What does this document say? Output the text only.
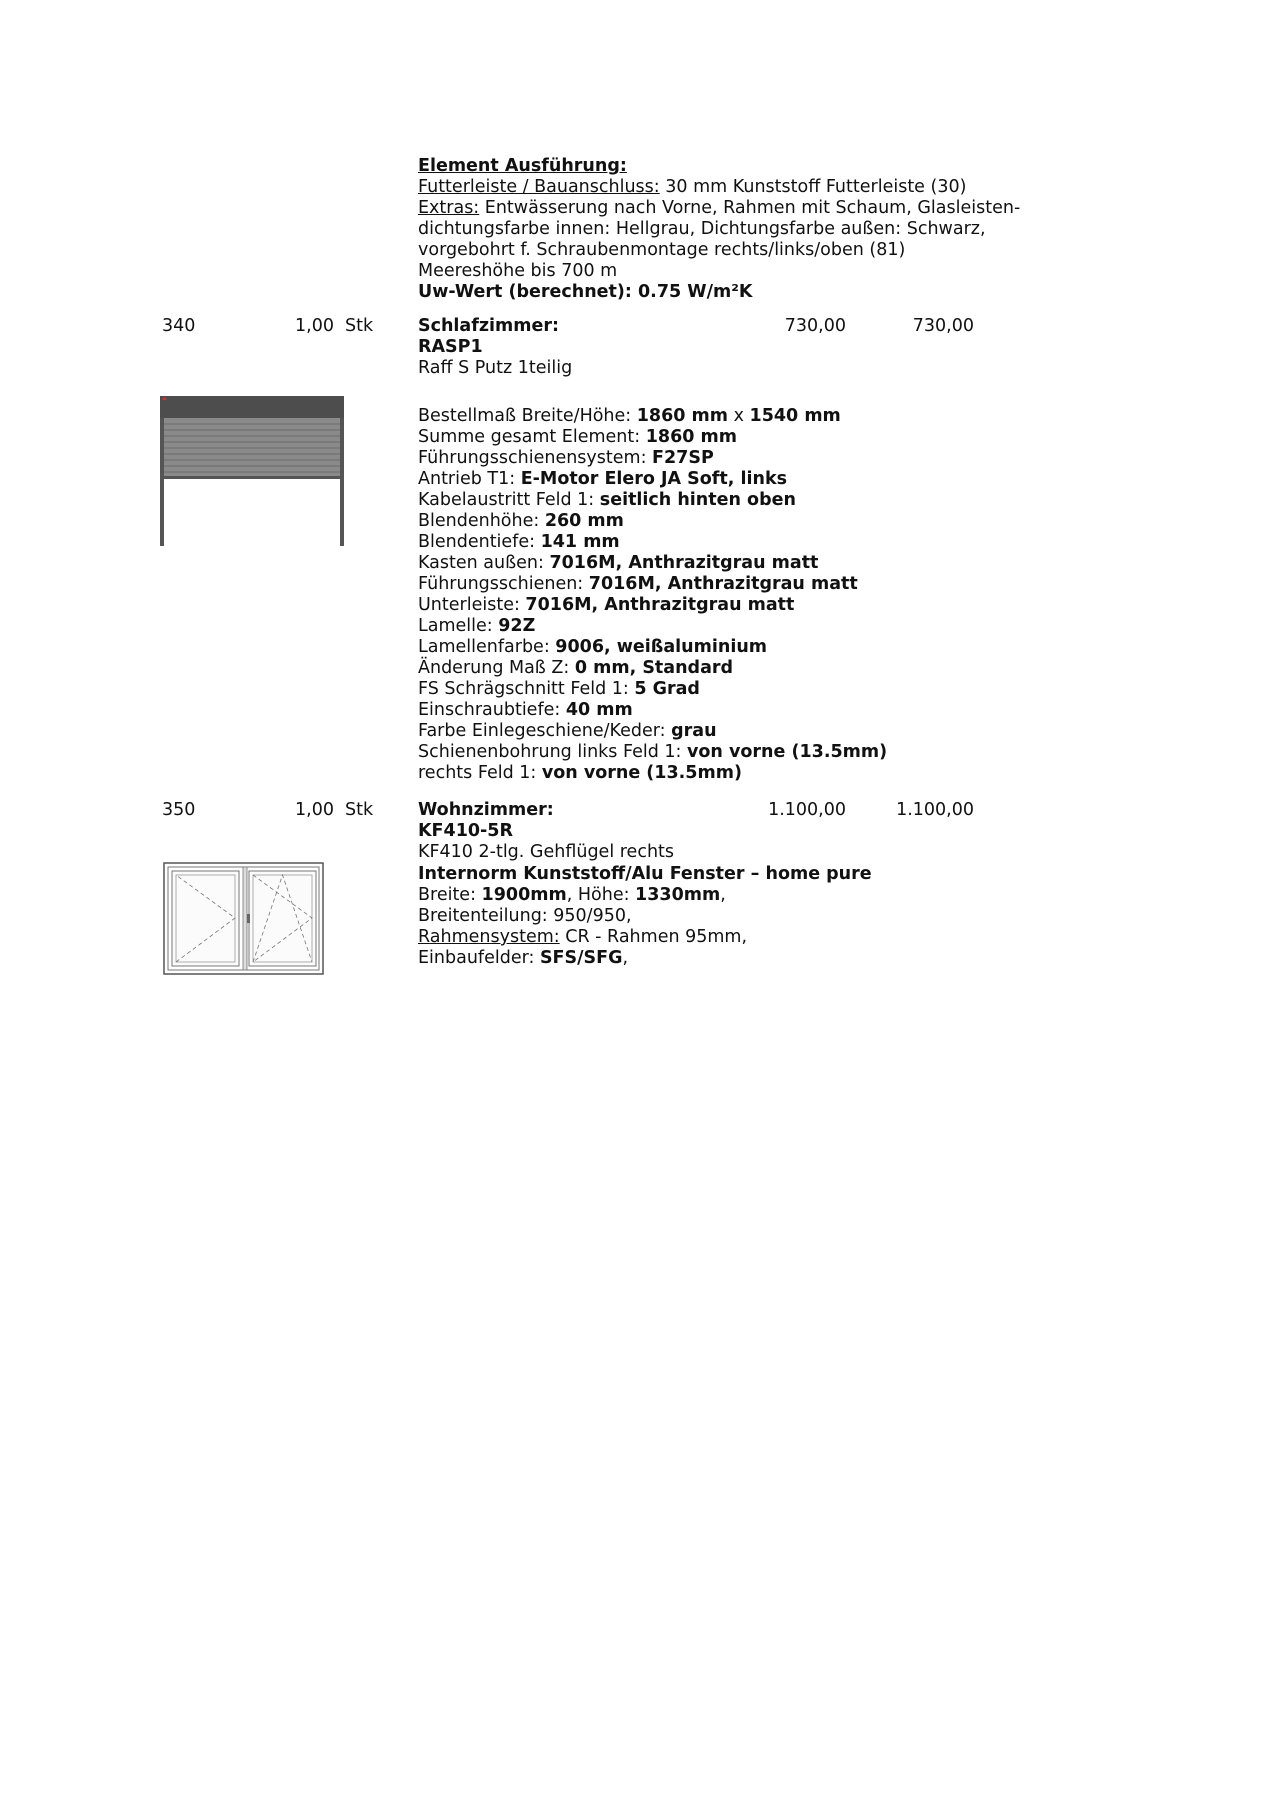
Element Ausführung:
Futterleiste / Bauanschluss: 30 mm Kunststoff Futterleiste (30)
Extras: Entwässerung nach Vorne, Rahmen mit Schaum, Glasleisten-
dichtungsfarbe innen: Hellgrau, Dichtungsfarbe außen: Schwarz,
vorgebohrt f. Schraubenmontage rechts/links/oben (81)
Meereshöhe bis 700 m
Uw-Wert (berechnet): 0.75 W/m²K
340	1,00 Stk	Schlafzimmer:	730,00	730,00
RASP1
Raff S Putz 1teilig
Bestellmaß Breite/Höhe: 1860 mm x 1540 mm
Summe gesamt Element: 1860 mm
Führungsschienensystem: F27SP
Antrieb T1: E-Motor Elero JA Soft, links
Kabelaustritt Feld 1: seitlich hinten oben
Blendenhöhe: 260 mm
Blendentiefe: 141 mm
Kasten außen: 7016M, Anthrazitgrau matt
Führungsschienen: 7016M, Anthrazitgrau matt
Unterleiste: 7016M, Anthrazitgrau matt
Lamelle: 92Z
Lamellenfarbe: 9006, weißaluminium
Änderung Maß Z: 0 mm, Standard
FS Schrägschnitt Feld 1: 5 Grad
Einschraubtiefe: 40 mm
Farbe Einlegeschiene/Keder: grau
Schienenbohrung links Feld 1: von vorne (13.5mm)
rechts Feld 1: von vorne (13.5mm)
350	1,00 Stk	Wohnzimmer:	1.100,00	1.100,00
KF410-5R
KF410 2-tlg. Gehflügel rechts
Internorm Kunststoff/Alu Fenster – home pure
Breite: 1900mm, Höhe: 1330mm,
Breitenteilung: 950/950,
Rahmensystem: CR - Rahmen 95mm,
Einbaufelder: SFS/SFG,
